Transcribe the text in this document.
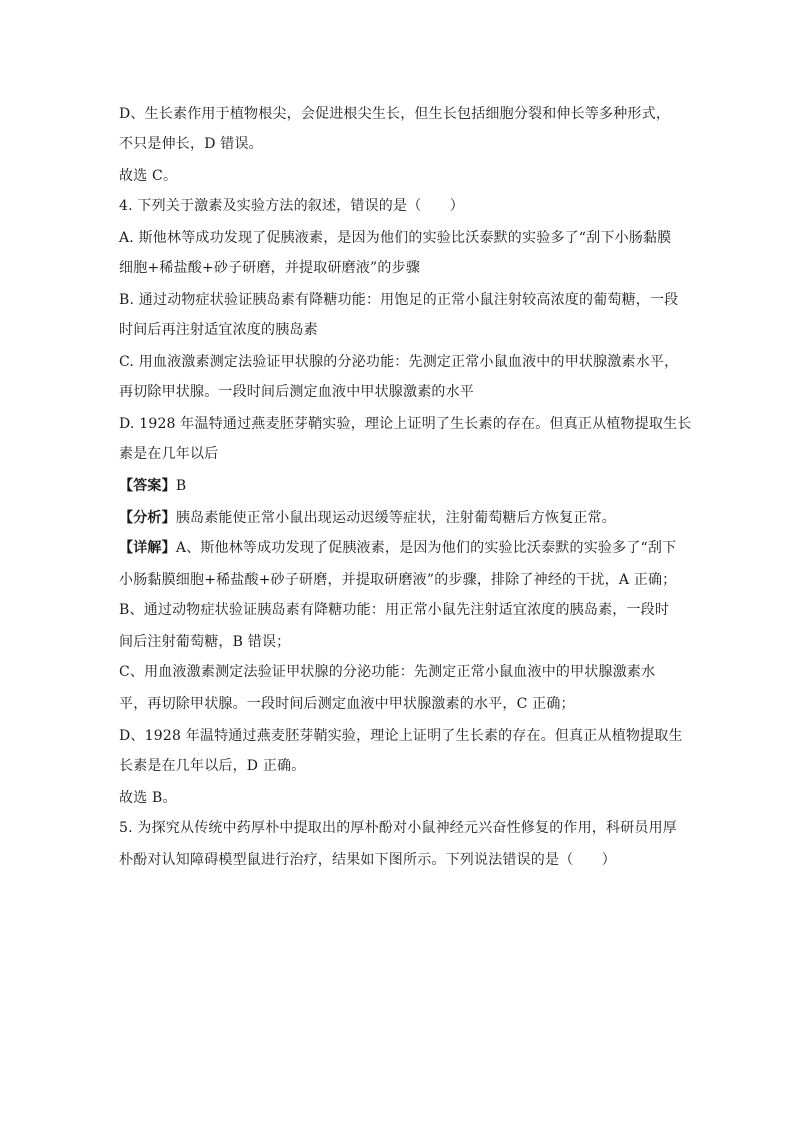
D、生长素作用于植物根尖，会促进根尖生长，但生长包括细胞分裂和伸长等多种形式，
不只是伸长，D 错误。
故选 C。
4. 下列关于激素及实验方法的叙述，错误的是（　　）
A. 斯他林等成功发现了促胰液素，是因为他们的实验比沃泰默的实验多了“刮下小肠黏膜
细胞+稀盐酸+砂子研磨，并提取研磨液”的步骤
B. 通过动物症状验证胰岛素有降糖功能：用饱足的正常小鼠注射较高浓度的葡萄糖，一段
时间后再注射适宜浓度的胰岛素
C. 用血液激素测定法验证甲状腺的分泌功能：先测定正常小鼠血液中的甲状腺激素水平，
再切除甲状腺。一段时间后测定血液中甲状腺激素的水平
D. 1928 年温特通过燕麦胚芽鞘实验，理论上证明了生长素的存在。但真正从植物提取生长
素是在几年以后
【答案】B
【分析】胰岛素能使正常小鼠出现运动迟缓等症状，注射葡萄糖后方恢复正常。
【详解】A、斯他林等成功发现了促胰液素，是因为他们的实验比沃泰默的实验多了“刮下
小肠黏膜细胞+稀盐酸+砂子研磨，并提取研磨液”的步骤，排除了神经的干扰，A 正确；
B、通过动物症状验证胰岛素有降糖功能：用正常小鼠先注射适宜浓度的胰岛素，一段时
间后注射葡萄糖，B 错误；
C、用血液激素测定法验证甲状腺的分泌功能：先测定正常小鼠血液中的甲状腺激素水
平，再切除甲状腺。一段时间后测定血液中甲状腺激素的水平，C 正确；
D、1928 年温特通过燕麦胚芽鞘实验，理论上证明了生长素的存在。但真正从植物提取生
长素是在几年以后，D 正确。
故选 B。
5. 为探究从传统中药厚朴中提取出的厚朴酚对小鼠神经元兴奋性修复的作用，科研员用厚
朴酚对认知障碍模型鼠进行治疗，结果如下图所示。下列说法错误的是（　　）
